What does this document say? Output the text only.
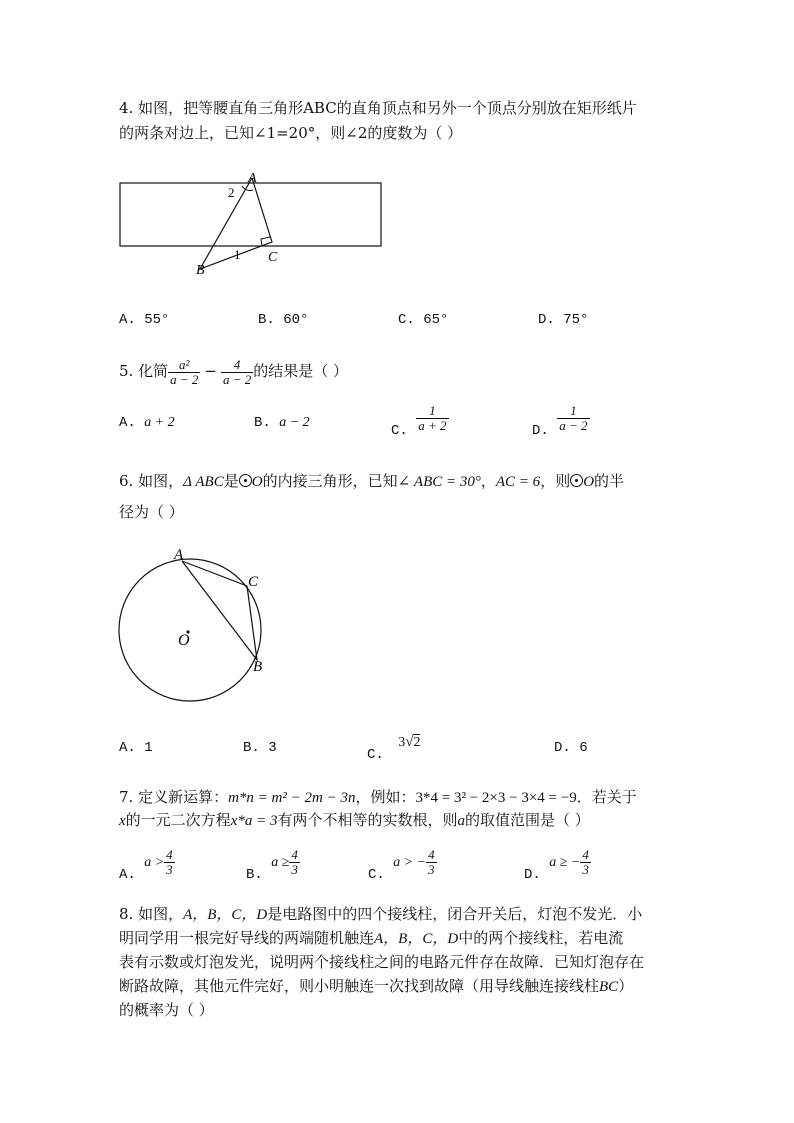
4. 如图，把等腰直角三角形ABC的直角顶点和另外一个顶点分别放在矩形纸片
的两条对边上，已知∠1=20°，则∠2的度数为（ ）
A
2
1
B
C
A. 55°	B. 60°	C. 65°	D. 75°
5. 化简 $\frac{\text{a²}}{a - 2} - \frac{4}{a - 2}$ 的结果是（ ）
A. a + 2	B. a − 2
C. $\frac{1}{a + 2}$	D. $\frac{1}{a - 2}$
6. 如图，Δ ABC是 O的内接三角形，已知∠ ABC = 30°，AC = 6，则 O的半
径为（ ）
A
C
B
O
A. 1	B. 3	C. 3√2	D. 6
7. 定义新运算：m*n = m² − 2m − 3n，例如：3*4 = 3² − 2×3 − 3×4 = −9．若关于
x的一元二次方程x*a = 3有两个不相等的实数根，则a的取值范围是（ ）
A. $a > \frac{4}{3}$	B. $a \ge \frac{4}{3}$	C. a > − $\frac{4}{3}$	D. a ≥ − $\frac{4}{3}$
8. 如图，A，B，C，D是电路图中的四个接线柱，闭合开关后，灯泡不发光．小
明同学用一根完好导线的两端随机触连A，B，C，D中的两个接线柱，若电流
表有示数或灯泡发光，说明两个接线柱之间的电路元件存在故障．已知灯泡存在
断路故障，其他元件完好，则小明触连一次找到故障（用导线触连接线柱BC）
的概率为（ ）
